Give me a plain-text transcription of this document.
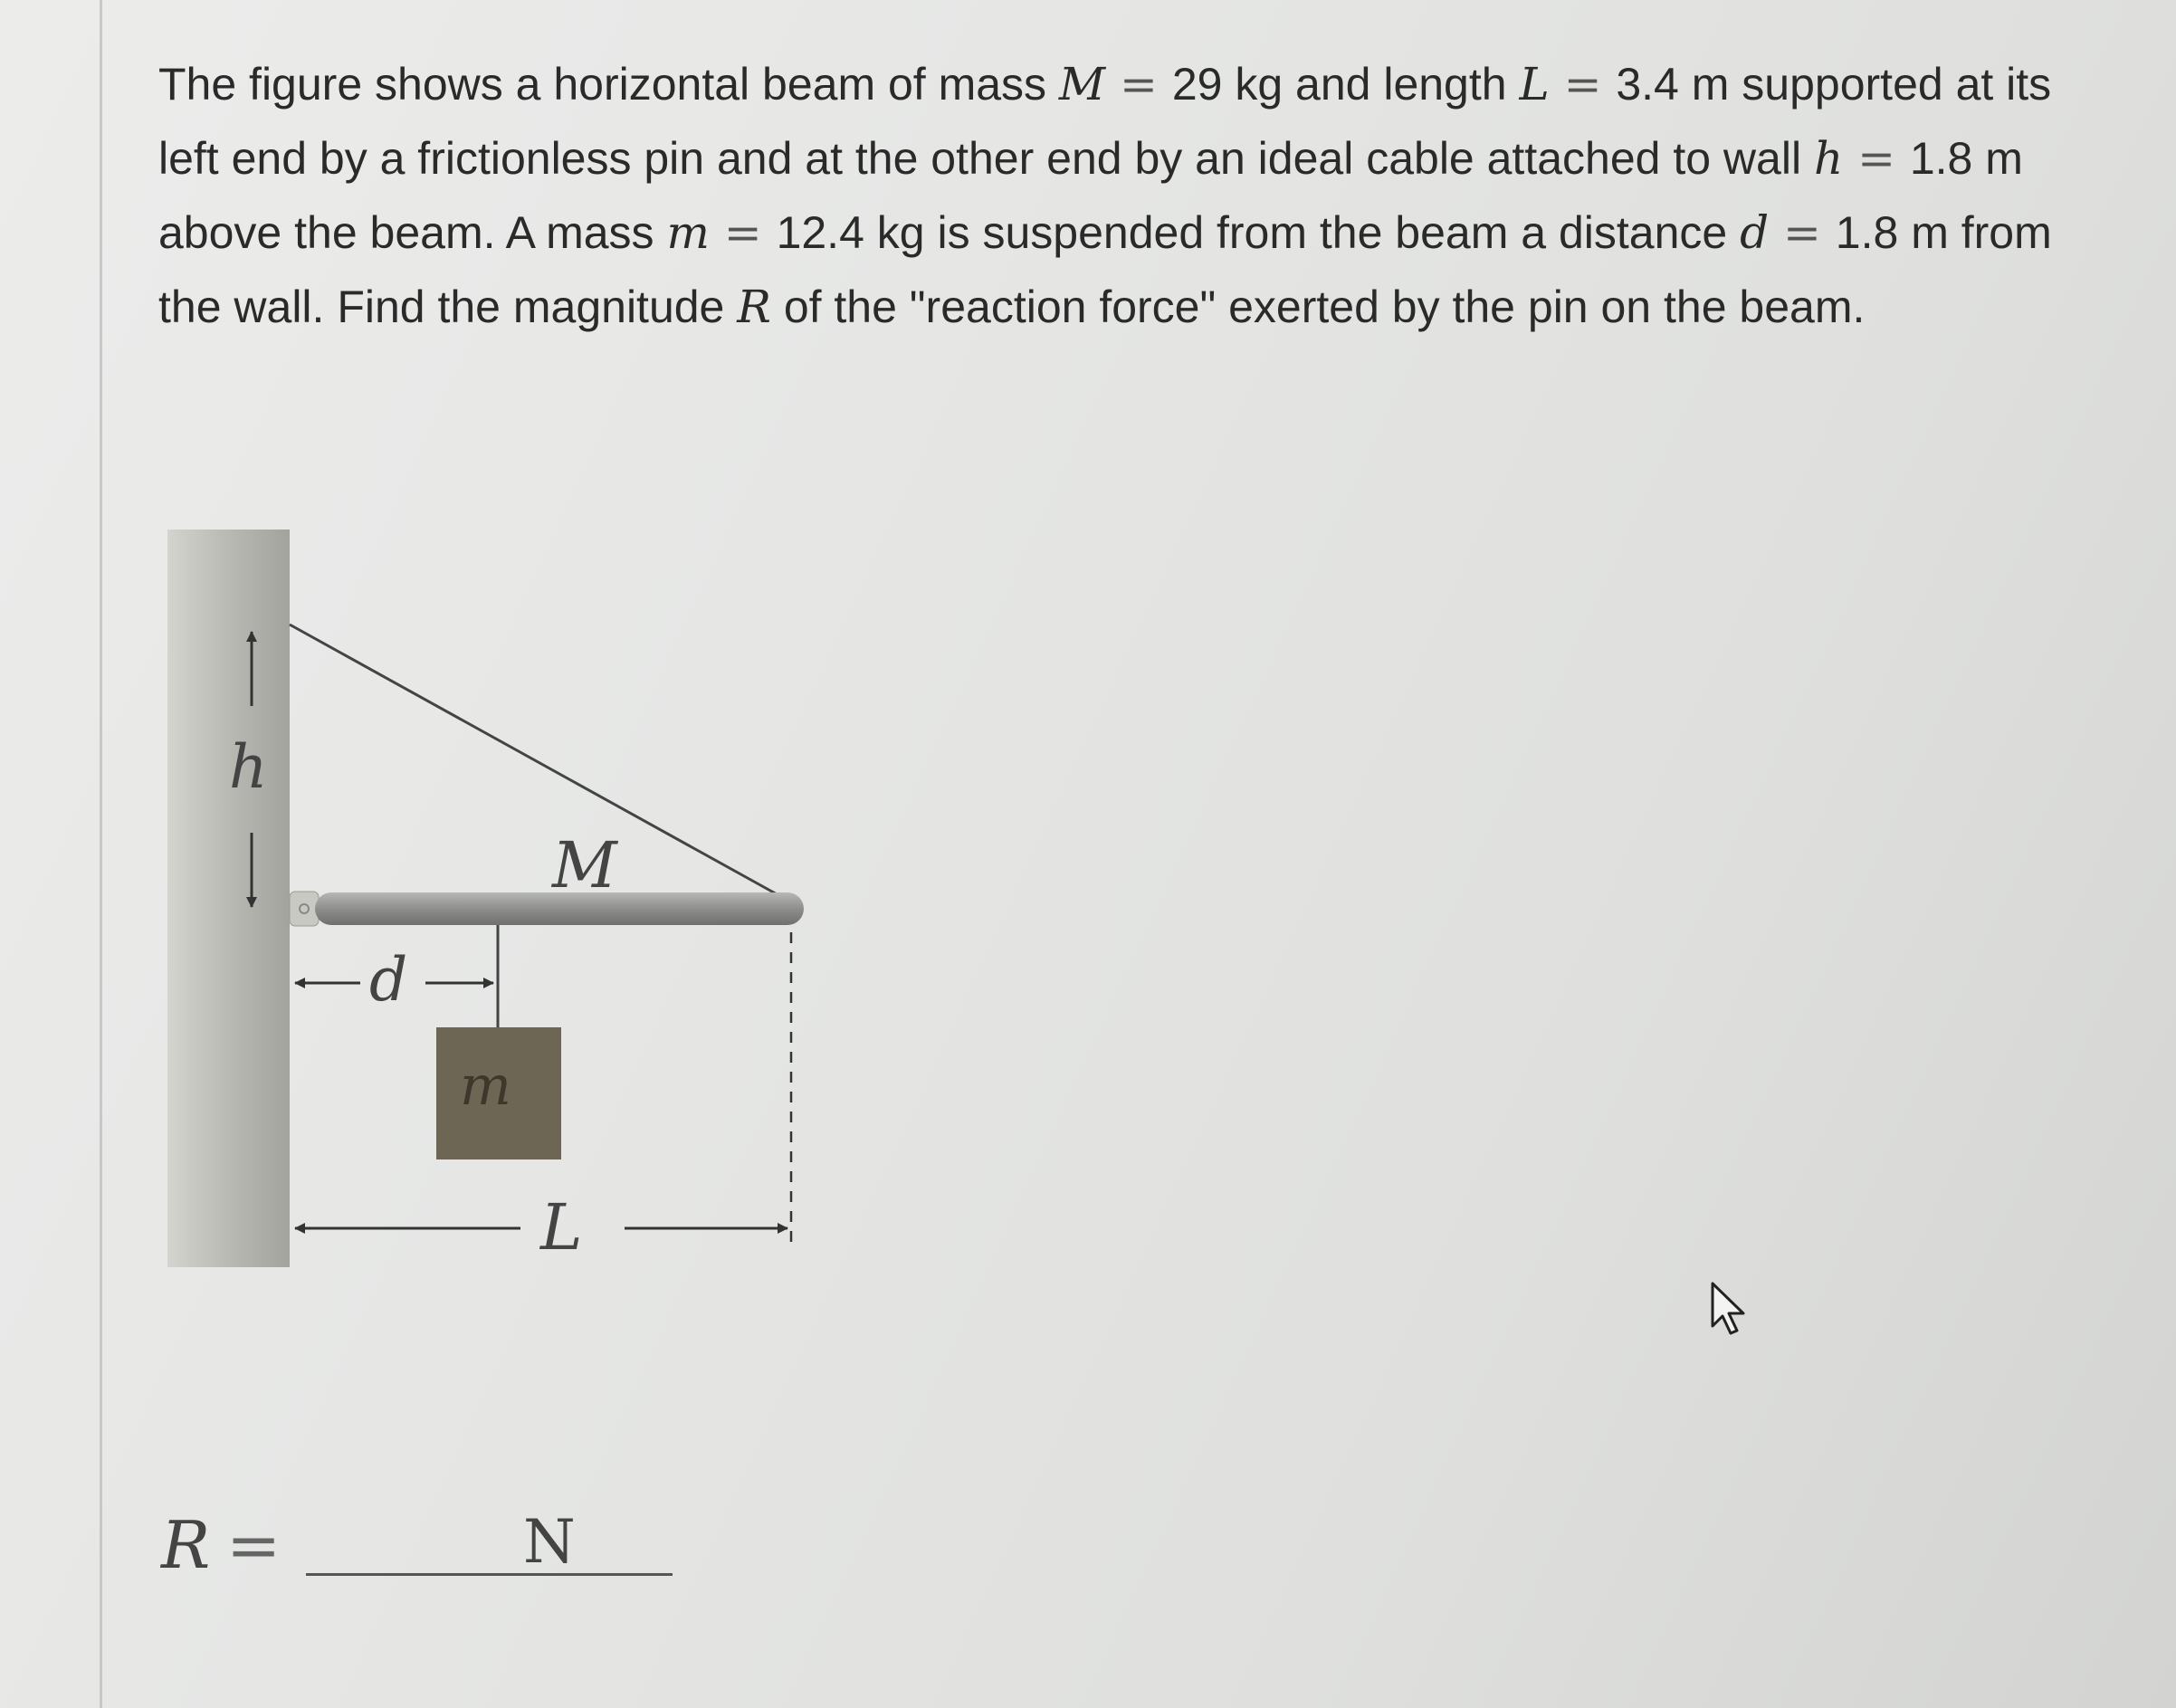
The figure shows a horizontal beam of mass M = 29 kg and length L = 3.4 m supported at its left end by a frictionless pin and at the other end by an ideal cable attached to wall h = 1.8 m above the beam. A mass m = 12.4 kg is suspended from the beam a distance d = 1.8 m from the wall. Find the magnitude R of the "reaction force" exerted by the pin on the beam.

h
M
d
m
L
R =	N
